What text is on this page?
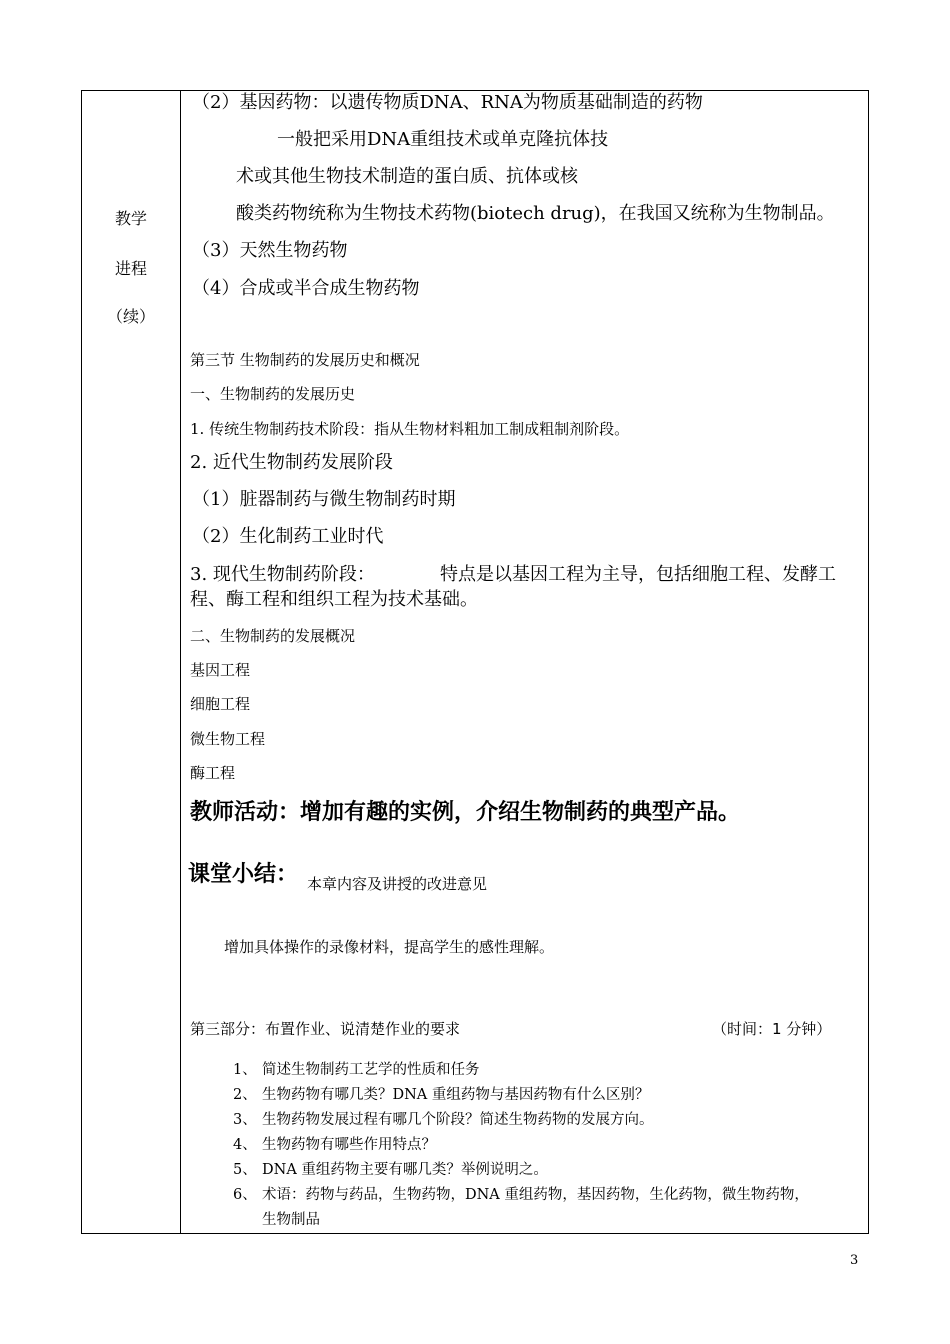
教学
进程
（续）
（2）基因药物：以遗传物质DNA、RNA为物质基础制造的药物
一般把采用DNA重组技术或单克隆抗体技
术或其他生物技术制造的蛋白质、抗体或核
酸类药物统称为生物技术药物(biotech drug)，在我国又统称为生物制品。
（3）天然生物药物
（4）合成或半合成生物药物
第三节 生物制药的发展历史和概况
一、生物制药的发展历史
1. 传统生物制药技术阶段：指从生物材料粗加工制成粗制剂阶段。
2. 近代生物制药发展阶段
（1）脏器制药与微生物制药时期
（2）生化制药工业时代
3. 现代生物制药阶段：	特点是以基因工程为主导，包括细胞工程、发酵工
程、酶工程和组织工程为技术基础。
二、生物制药的发展概况
基因工程
细胞工程
微生物工程
酶工程
教师活动：增加有趣的实例，介绍生物制药的典型产品。
课堂小结： 本章内容及讲授的改进意见
增加具体操作的录像材料，提高学生的感性理解。
第三部分：布置作业、说清楚作业的要求	（时间：1 分钟）
1、 简述生物制药工艺学的性质和任务
2、 生物药物有哪几类？DNA 重组药物与基因药物有什么区别？
3、 生物药物发展过程有哪几个阶段？简述生物药物的发展方向。
4、 生物药物有哪些作用特点？
5、 DNA 重组药物主要有哪几类？举例说明之。
6、 术语：药物与药品，生物药物，DNA 重组药物，基因药物，生化药物，微生物药物，
生物制品
3
